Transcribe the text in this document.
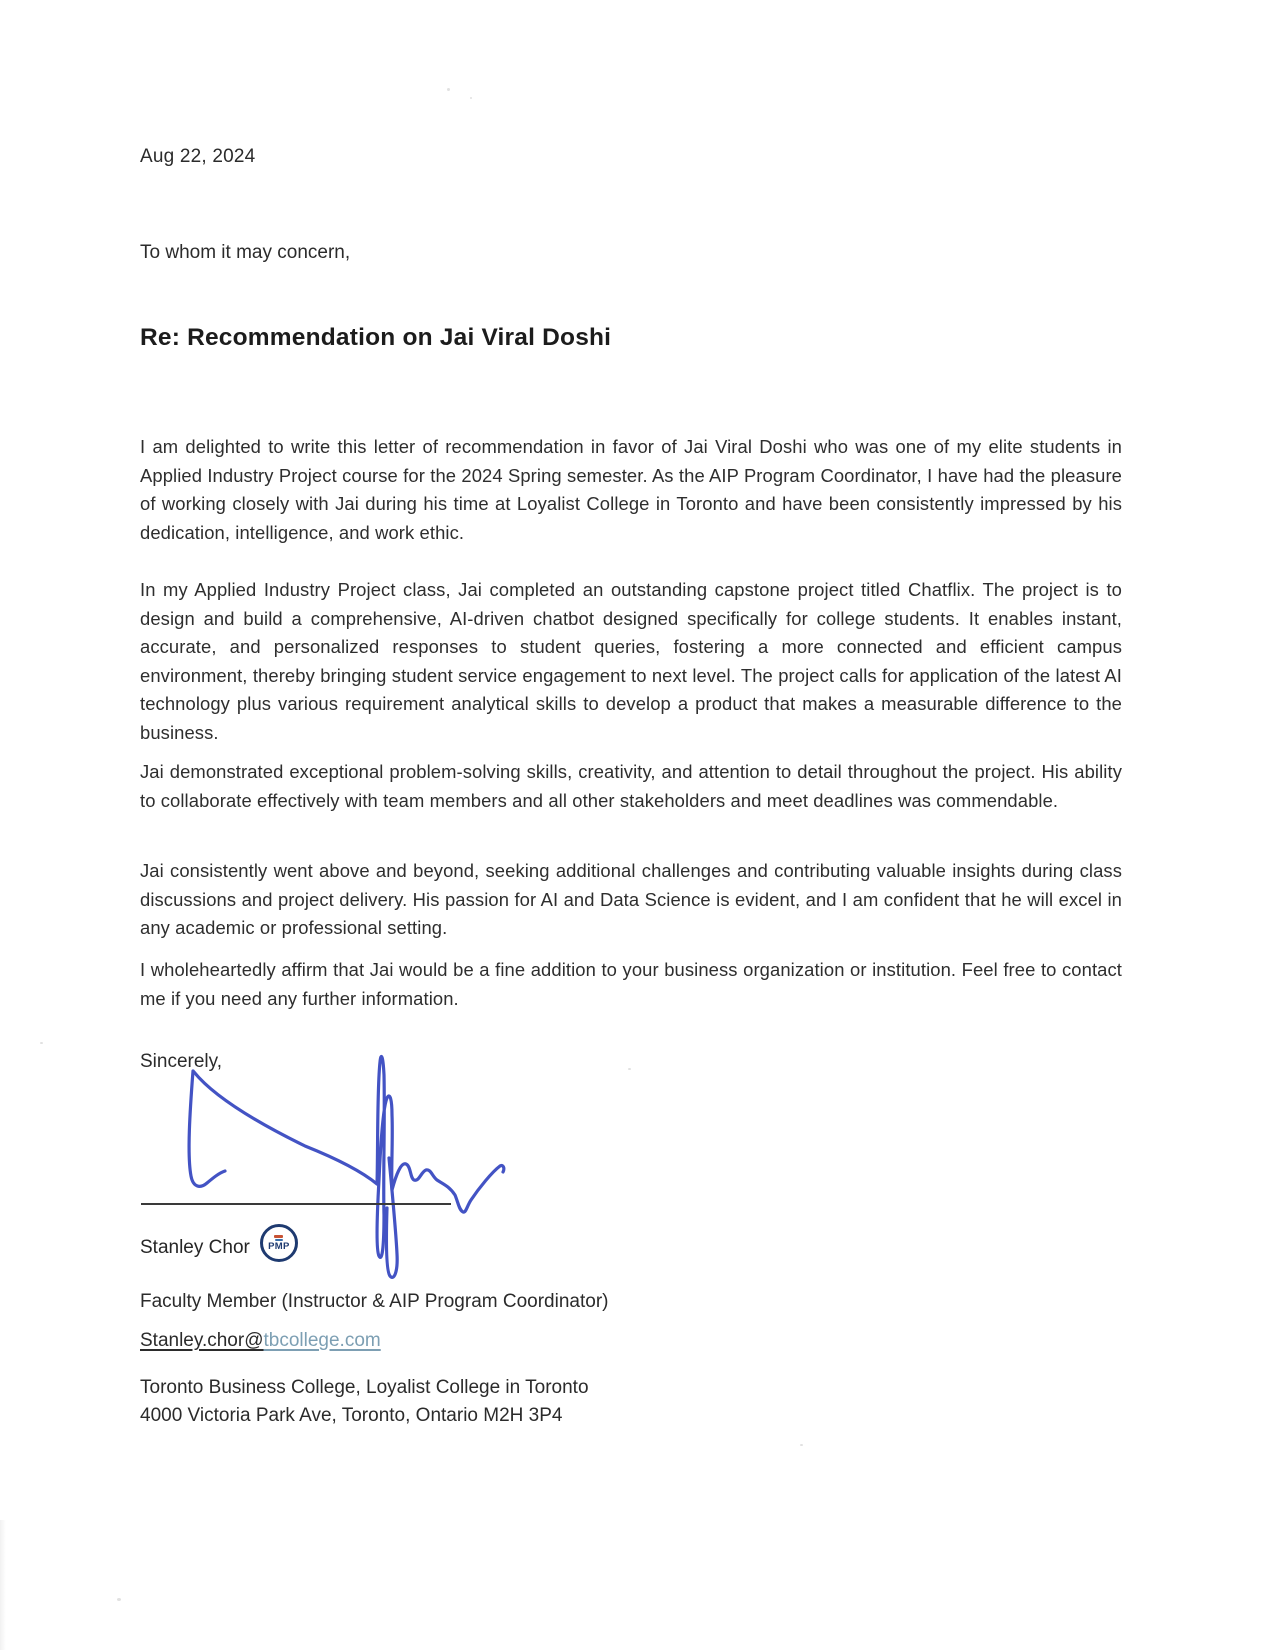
Aug 22, 2024
To whom it may concern,
Re: Recommendation on Jai Viral Doshi

I am delighted to write this letter of recommendation in favor of Jai Viral Doshi who was one of my elite students in Applied Industry Project course for the 2024 Spring semester. As the AIP Program Coordinator, I have had the pleasure of working closely with Jai during his time at Loyalist College in Toronto and have been consistently impressed by his dedication, intelligence, and work ethic.

In my Applied Industry Project class, Jai completed an outstanding capstone project titled Chatflix. The project is to design and build a comprehensive, AI-driven chatbot designed specifically for college students. It enables instant, accurate, and personalized responses to student queries, fostering a more connected and efficient campus environment, thereby bringing student service engagement to next level. The project calls for application of the latest AI technology plus various requirement analytical skills to develop a product that makes a measurable difference to the business.

Jai demonstrated exceptional problem-solving skills, creativity, and attention to detail throughout the project. His ability to collaborate effectively with team members and all other stakeholders and meet deadlines was commendable.

Jai consistently went above and beyond, seeking additional challenges and contributing valuable insights during class discussions and project delivery. His passion for AI and Data Science is evident, and I am confident that he will excel in any academic or professional setting.

I wholeheartedly affirm that Jai would be a fine addition to your business organization or institution. Feel free to contact me if you need any further information.

Sincerely,
Stanley Chor PMP
Faculty Member (Instructor & AIP Program Coordinator)
Stanley.chor@tbcollege.com
Toronto Business College, Loyalist College in Toronto
4000 Victoria Park Ave, Toronto, Ontario M2H 3P4
